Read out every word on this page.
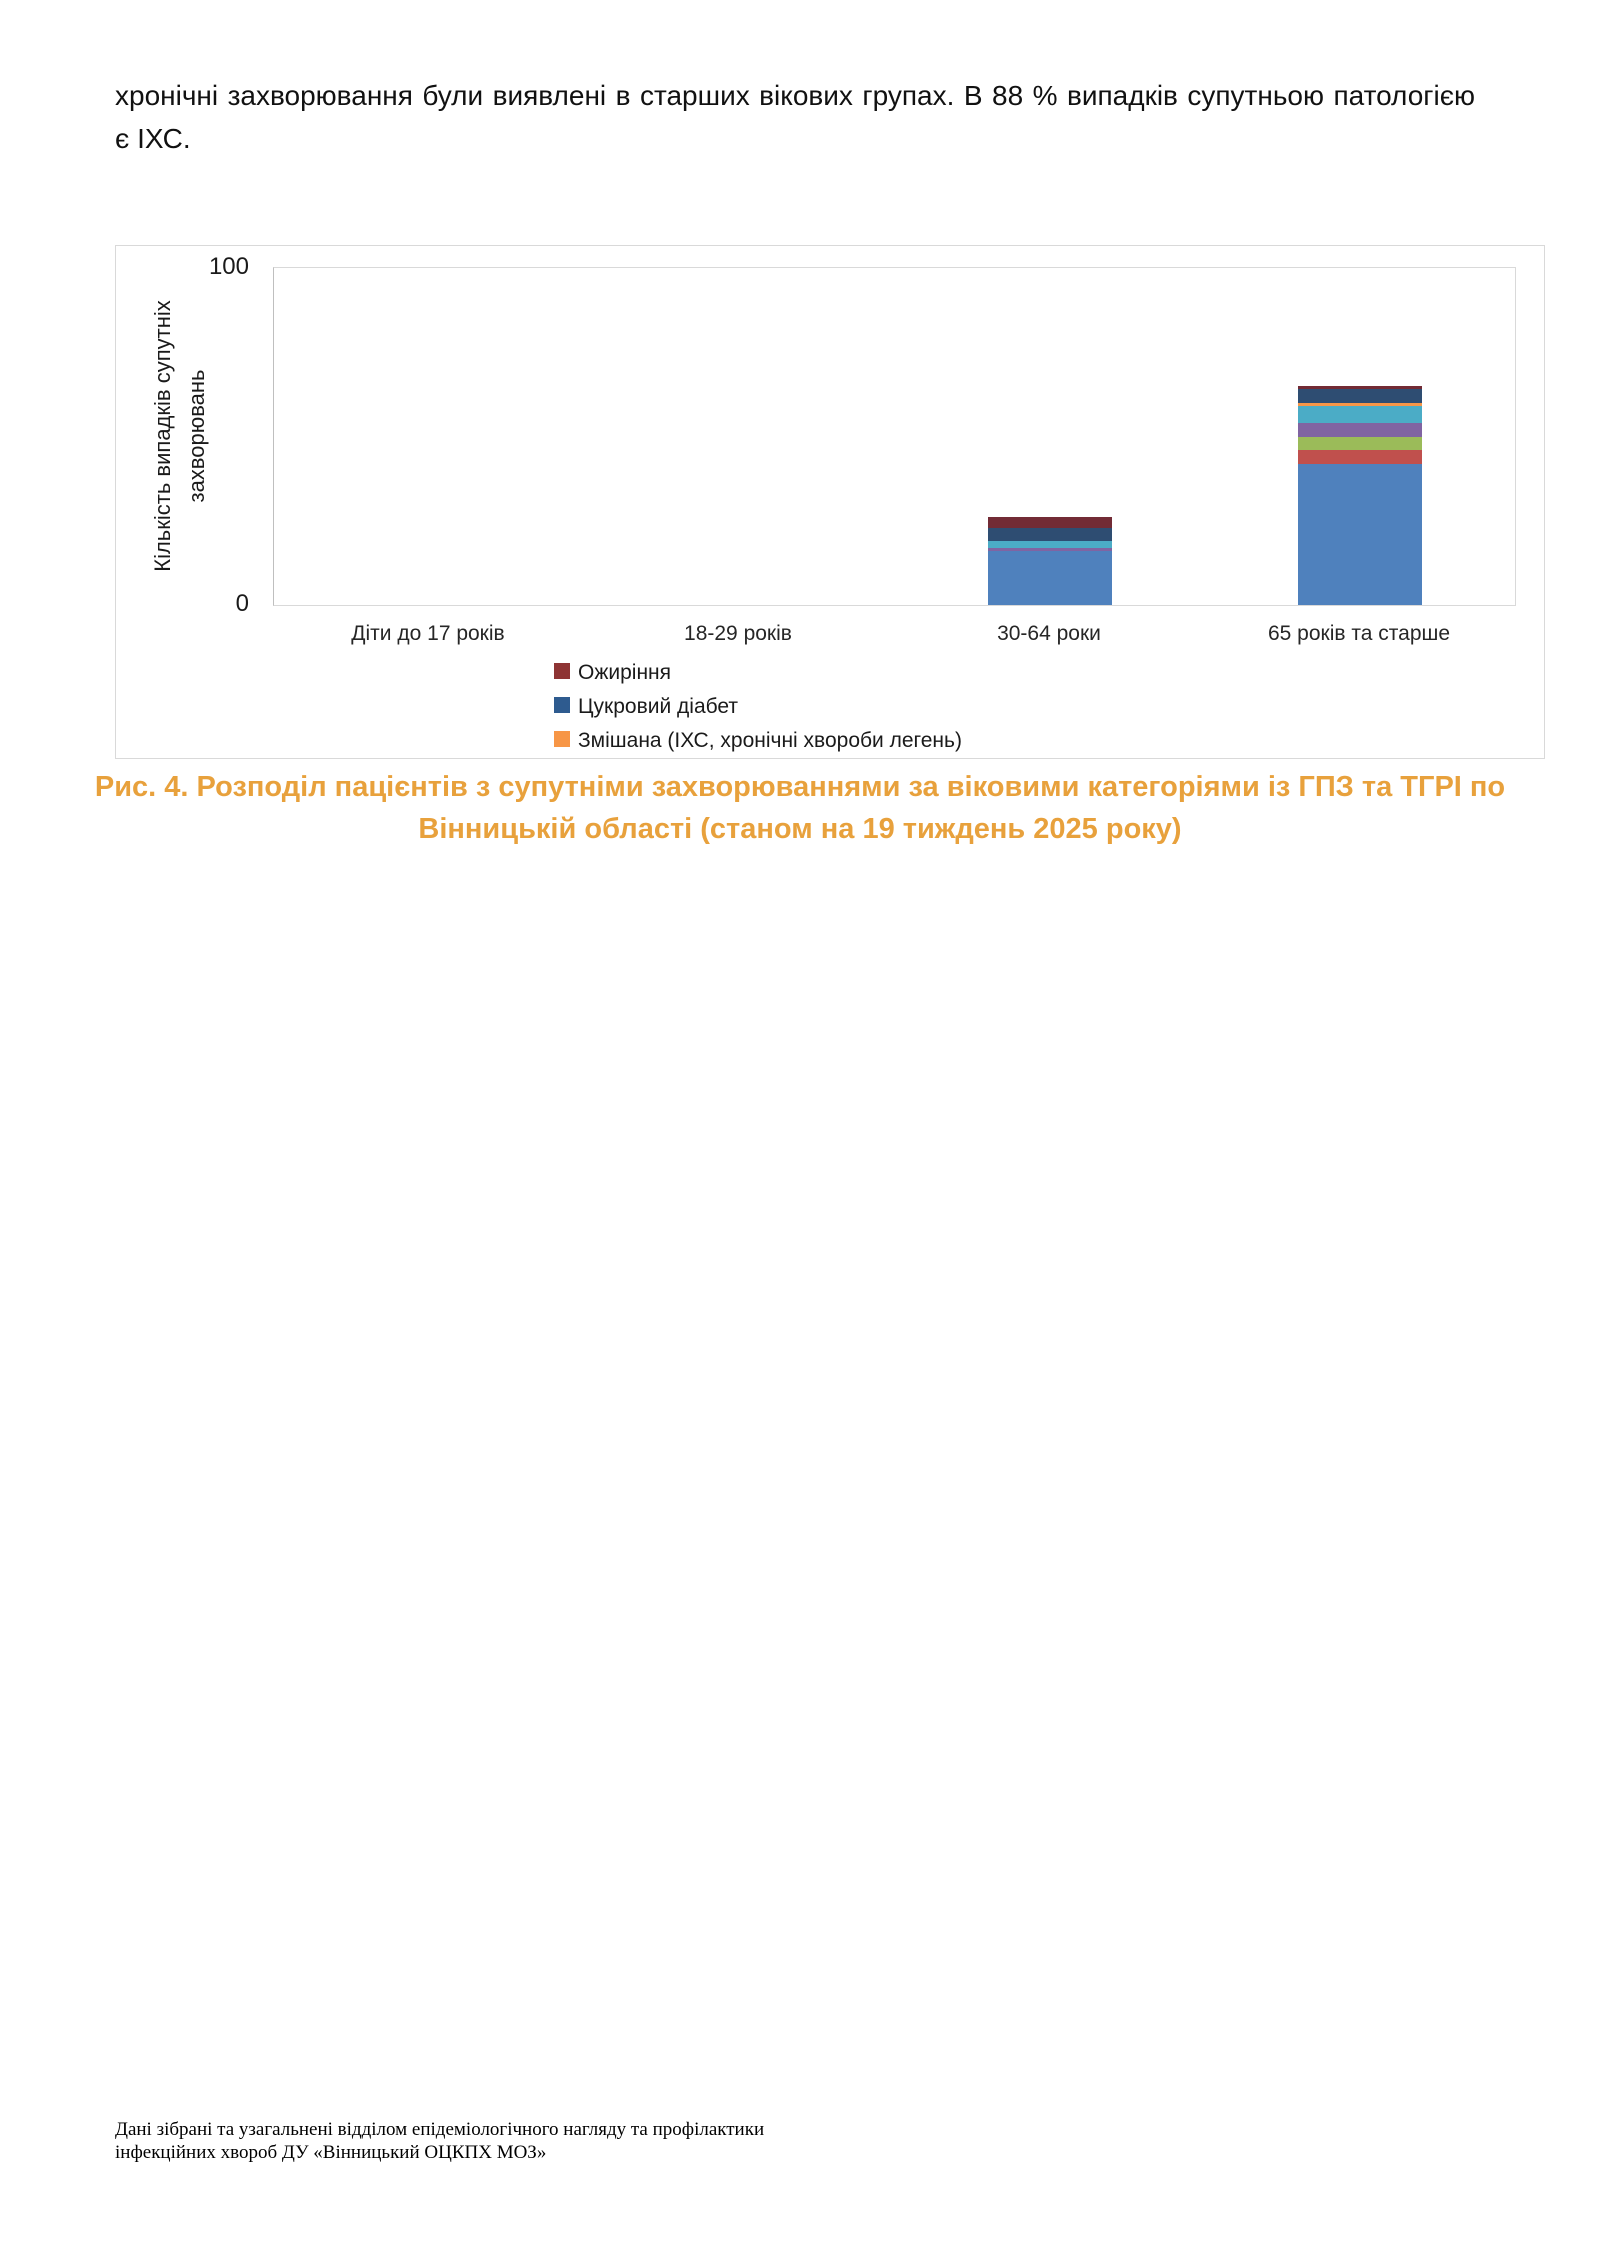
хронічні захворювання були виявлені в старших вікових групах. В 88 % випадків супутньою патологією є ІХС.
Кількість випадків супутніх захворювань
100
0
Діти до 17 років	18-29 років	30-64 роки	65 років та старше
Ожиріння
Цукровий діабет
Змішана (ІХС, хронічні хвороби легень)
Рис. 4. Розподіл пацієнтів з супутніми захворюваннями за віковими категоріями із ГПЗ та ТГРІ по
Вінницькій області (станом на 19 тиждень 2025 року)
Дані зібрані та узагальнені відділом епідеміологічного нагляду та профілактики
інфекційних хвороб ДУ «Вінницький ОЦКПХ МОЗ»
